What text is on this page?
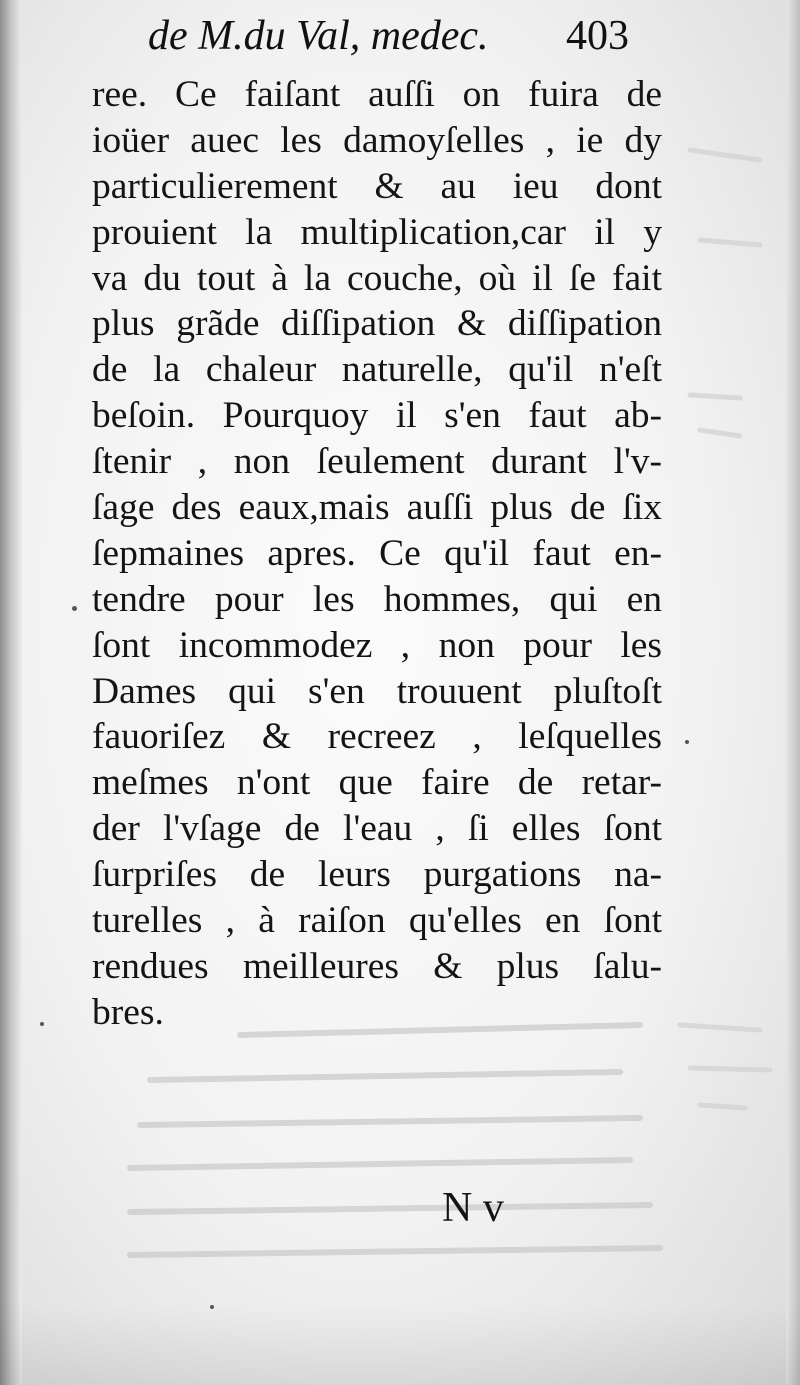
de M.du Val, medec. 403
ree. Ce faiſant auſſi on fuira de
ioüer auec les damoyſelles , ie dy
particulierement & au ieu dont
prouient la multiplication,car il y
va du tout à la couche, où il ſe fait
plus grãde diſſipation & diſſipation
de la chaleur naturelle, qu'il n'eſt
beſoin. Pourquoy il s'en faut ab-
ſtenir , non ſeulement durant l'v-
ſage des eaux,mais auſſi plus de ſix
ſepmaines apres. Ce qu'il faut en-
tendre pour les hommes, qui en
ſont incommodez , non pour les
Dames qui s'en trouuent pluſtoſt
fauoriſez & recreez , leſquelles
meſmes n'ont que faire de retar-
der l'vſage de l'eau , ſi elles ſont
ſurpriſes de leurs purgations na-
turelles , à raiſon qu'elles en ſont
rendues meilleures & plus ſalu-
bres.
N v
